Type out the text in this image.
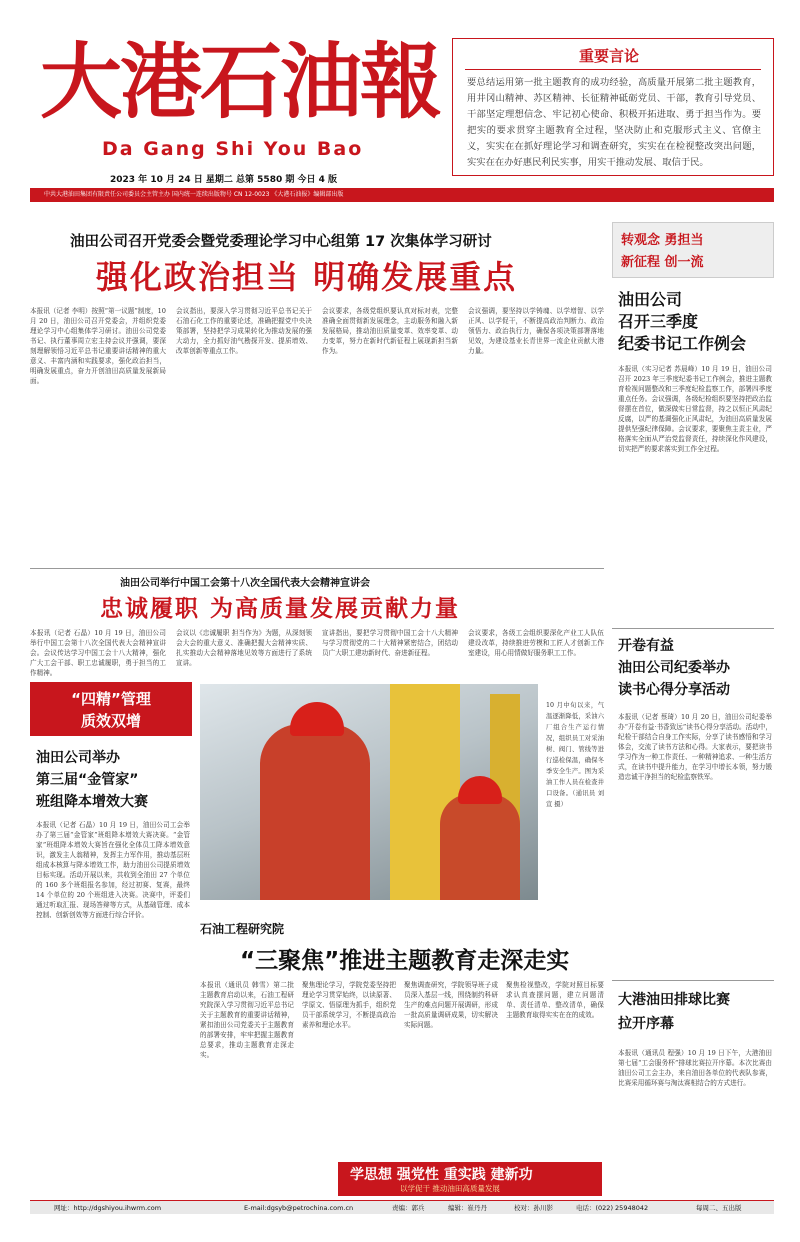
大港石油報
Da Gang Shi You Bao
2023 年 10 月 24 日 星期二 总第 5580 期 今日 4 版
中共大港油田集团有限责任公司委员会主管主办 国内统一连续出版物号 CN 12-0023 《大港石油报》编辑部出版
重要言论
要总结运用第一批主题教育的成功经验，高质量开展第二批主题教育，用井冈山精神、苏区精神、长征精神砥砺党员、干部，教育引导党员、干部坚定理想信念、牢记初心使命、积极开拓进取、勇于担当作为。要把实的要求贯穿主题教育全过程，坚决防止和克服形式主义、官僚主义，实实在在抓好理论学习和调查研究，实实在在检视整改突出问题，实实在在办好惠民利民实事，用实干推动发展、取信于民。
油田公司召开党委会暨党委理论学习中心组第 17 次集体学习研讨
强化政治担当 明确发展重点
本报讯（记者 李明）按照“第一议题”制度，10 月 20 日，油田公司召开党委会，并组织党委理论学习中心组集体学习研讨。油田公司党委书记、执行董事周立宏主持会议并强调，要深刻理解领悟习近平总书记重要讲话精神的重大意义、丰富内涵和实践要求，强化政治担当，明确发展重点，奋力开创油田高质量发展新局面。
会议指出，要深入学习贯彻习近平总书记关于石油石化工作的重要论述，准确把握党中央决策部署，坚持把学习成果转化为推动发展的强大动力，全力抓好油气勘探开发、提质增效、改革创新等重点工作。
会议要求，各级党组织要认真对标对表，完整准确全面贯彻新发展理念，主动服务和融入新发展格局，推动油田质量变革、效率变革、动力变革，努力在新时代新征程上展现新担当新作为。
会议强调，要坚持以学铸魂、以学增智、以学正风、以学促干，不断提高政治判断力、政治领悟力、政治执行力，确保各项决策部署落地见效，为建设基业长青世界一流企业贡献大港力量。
转观念 勇担当
新征程 创一流
油田公司
召开三季度
纪委书记工作例会
本报讯（实习记者 苏晨峰）10 月 19 日，油田公司召开 2023 年三季度纪委书记工作例会，推进主题教育检视问题整改和三季度纪检监察工作，部署四季度重点任务。会议强调，各级纪检组织要坚持把政治监督摆在首位，做深做实日常监督，持之以恒正风肃纪反腐，以严的基调强化正风肃纪，为油田高质量发展提供坚强纪律保障。会议要求，要聚焦主责主业，严格落实全面从严治党监督责任，持续深化作风建设，切实把严的要求落实到工作全过程。
油田公司举行中国工会第十八次全国代表大会精神宣讲会
忠诚履职 为高质量发展贡献力量
本报讯（记者 石晶）10 月 19 日，油田公司举行中国工会第十八次全国代表大会精神宣讲会。会议传达学习中国工会十八大精神，强化广大工会干部、职工忠诚履职，勇于担当的工作精神。
会议以《忠诚履职 担当作为》为题，从深刻领会大会的重大意义、准确把握大会精神实质、扎实推动大会精神落地见效等方面进行了系统宣讲。
宣讲指出，要把学习贯彻中国工会十八大精神与学习贯彻党的二十大精神紧密结合，团结动员广大职工建功新时代、奋进新征程。
会议要求，各级工会组织要深化产业工人队伍建设改革，持续推进劳模和工匠人才创新工作室建设，用心用情做好服务职工工作。
“四精”管理
质效双增
油田公司举办
第三届“金管家”
班组降本增效大赛
本报讯（记者 石晶）10 月 19 日，油田公司工会举办了第三届“金管家”班组降本增效大赛决赛。“金管家”班组降本增效大赛旨在强化全体员工降本增效意识，激发主人翁精神，发挥主力军作用，推动基层班组成本核算与降本增效工作，助力油田公司提质增效目标实现。活动开展以来，共收到全油田 27 个单位的 160 多个班组报名参加，经过初赛、复赛，最终 14 个单位的 20 个班组进入决赛。决赛中，评委们通过听取汇报、现场答辩等方式，从基础管理、成本控制、创新创效等方面进行综合评价。
10 月中旬以来，气温逐渐降低，采油六厂组合生产运行情况，组织员工对采油树、阀门、管线等进行巡检保温，确保冬季安全生产。图为采油工作人员在检查井口设备。（通讯员 刘宣 摄）
石油工程研究院
“三聚焦”推进主题教育走深走实
本报讯（通讯员 韩雪）第二批主题教育启动以来，石油工程研究院深入学习贯彻习近平总书记关于主题教育的重要讲话精神，紧扣油田公司党委关于主题教育的部署安排，牢牢把握主题教育总要求，推动主题教育走深走实。
聚焦理论学习，学院党委坚持把理论学习贯穿始终，以读原著、学原文、悟原理为抓手，组织党员干部系统学习，不断提高政治素养和理论水平。
聚焦调查研究，学院领导班子成员深入基层一线，围绕制约科研生产的难点问题开展调研，形成一批高质量调研成果，切实解决实际问题。
聚焦检视整改，学院对照目标要求认真查摆问题，建立问题清单、责任清单、整改清单，确保主题教育取得实实在在的成效。
开卷有益
油田公司纪委举办
读书心得分享活动
本报讯（记者 蔡琦）10 月 20 日，油田公司纪委举办“开卷有益·书香致远”读书心得分享活动。活动中，纪检干部结合自身工作实际，分享了读书感悟和学习体会，交流了读书方法和心得。大家表示，要把读书学习作为一种工作责任、一种精神追求、一种生活方式，在读书中提升能力，在学习中增长本领，努力锻造忠诚干净担当的纪检监察铁军。
大港油田排球比赛
拉开序幕
本报讯（通讯员 程强）10 月 19 日下午，大港油田第七届“工会服务杯”排球比赛拉开序幕。本次比赛由油田公司工会主办，来自油田各单位的代表队参赛，比赛采用循环赛与淘汰赛相结合的方式进行。
学思想 强党性 重实践 建新功
以学促干 推动油田高质量发展
网址：http://dgshiyou.ihwrm.com	E-mail:dgsyb@petrochina.com.cn	责编：郭兵	编辑：崔丹丹	校对：孙川影	电话：(022) 25948042	每周二、五出版
